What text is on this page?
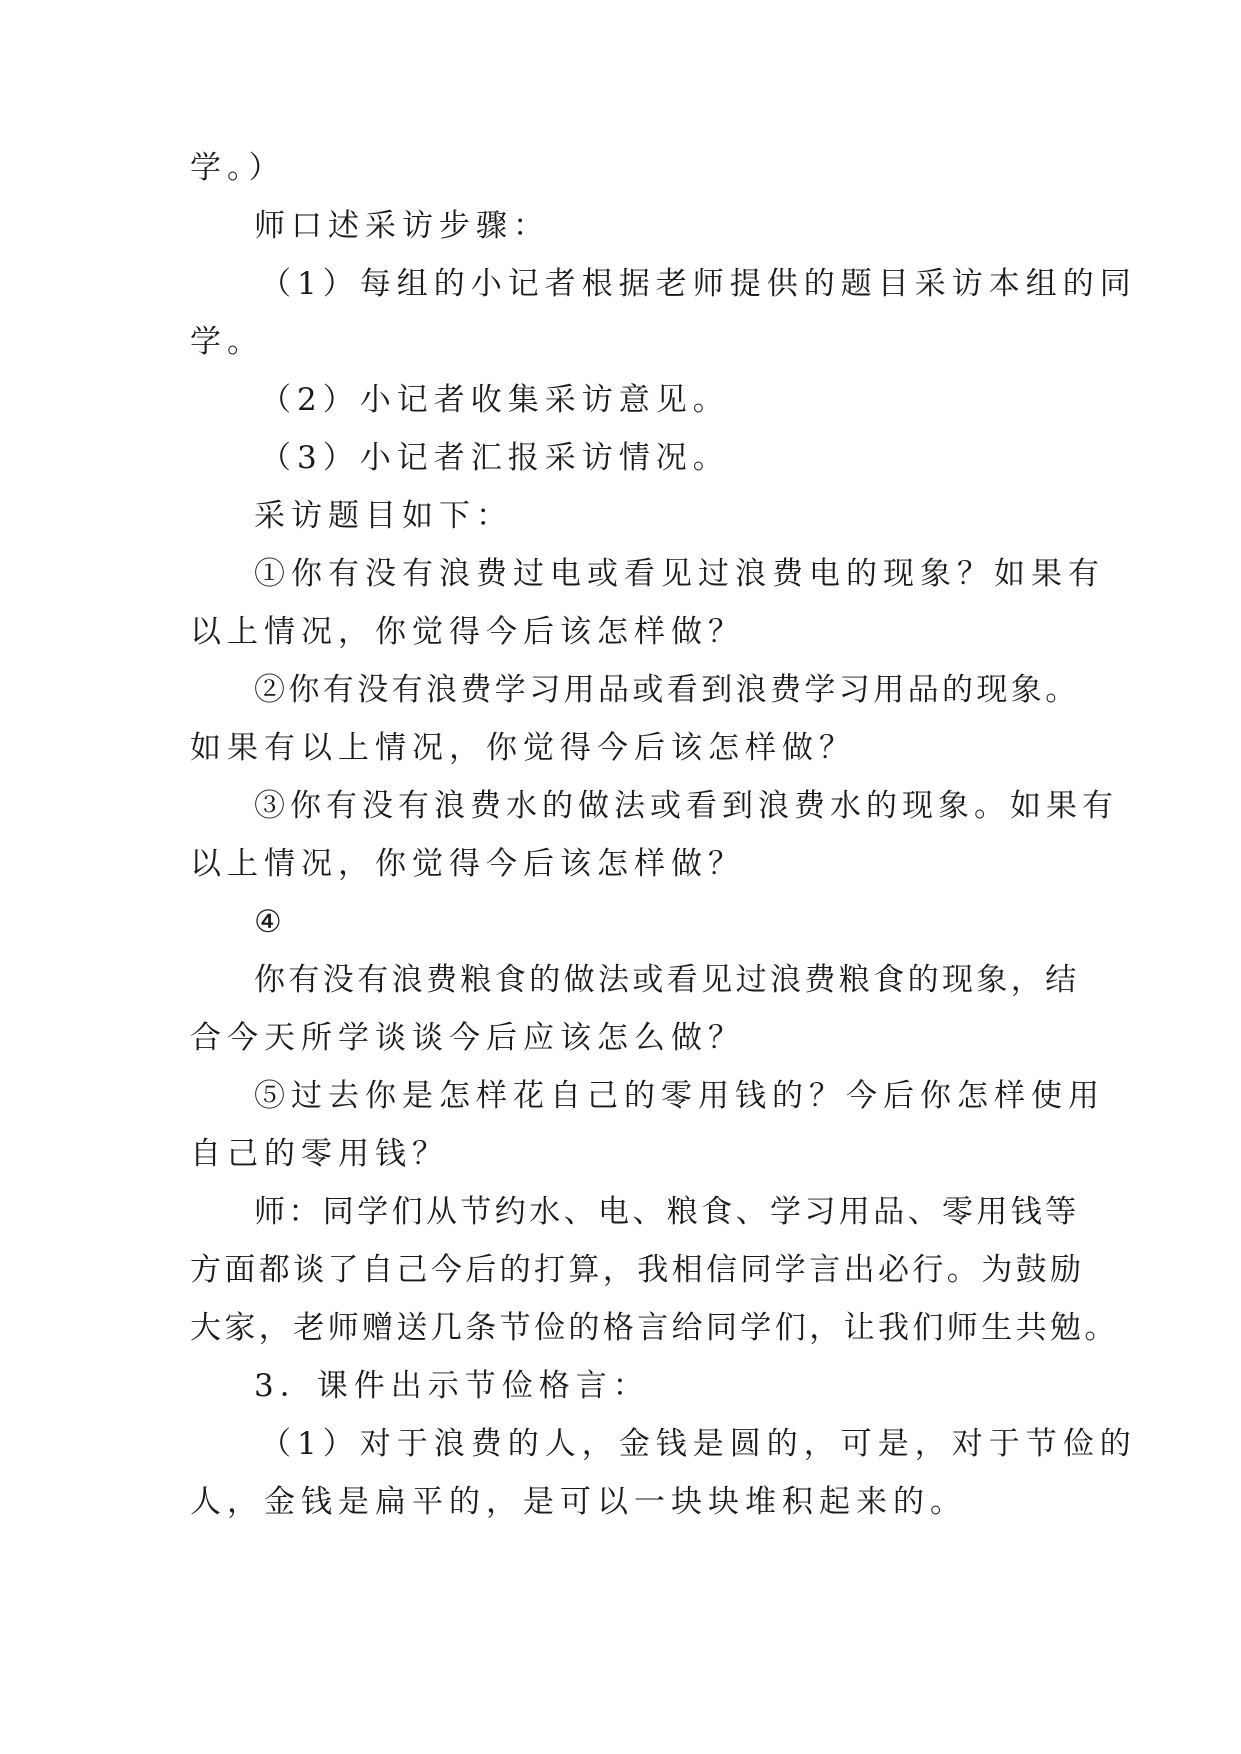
学。）
师口述采访步骤：
（1）每组的小记者根据老师提供的题目采访本组的同
学。
（2）小记者收集采访意见。
（3）小记者汇报采访情况。
采访题目如下：
①你有没有浪费过电或看见过浪费电的现象？如果有
以上情况，你觉得今后该怎样做？
②你有没有浪费学习用品或看到浪费学习用品的现象。
如果有以上情况，你觉得今后该怎样做？
③你有没有浪费水的做法或看到浪费水的现象。如果有
以上情况，你觉得今后该怎样做？
④
你有没有浪费粮食的做法或看见过浪费粮食的现象，结
合今天所学谈谈今后应该怎么做？
⑤过去你是怎样花自己的零用钱的？今后你怎样使用
自己的零用钱？
师：同学们从节约水、电、粮食、学习用品、零用钱等
方面都谈了自己今后的打算，我相信同学言出必行。为鼓励
大家，老师赠送几条节俭的格言给同学们，让我们师生共勉。
3．课件出示节俭格言：
（1）对于浪费的人，金钱是圆的，可是，对于节俭的
人，金钱是扁平的，是可以一块块堆积起来的。
